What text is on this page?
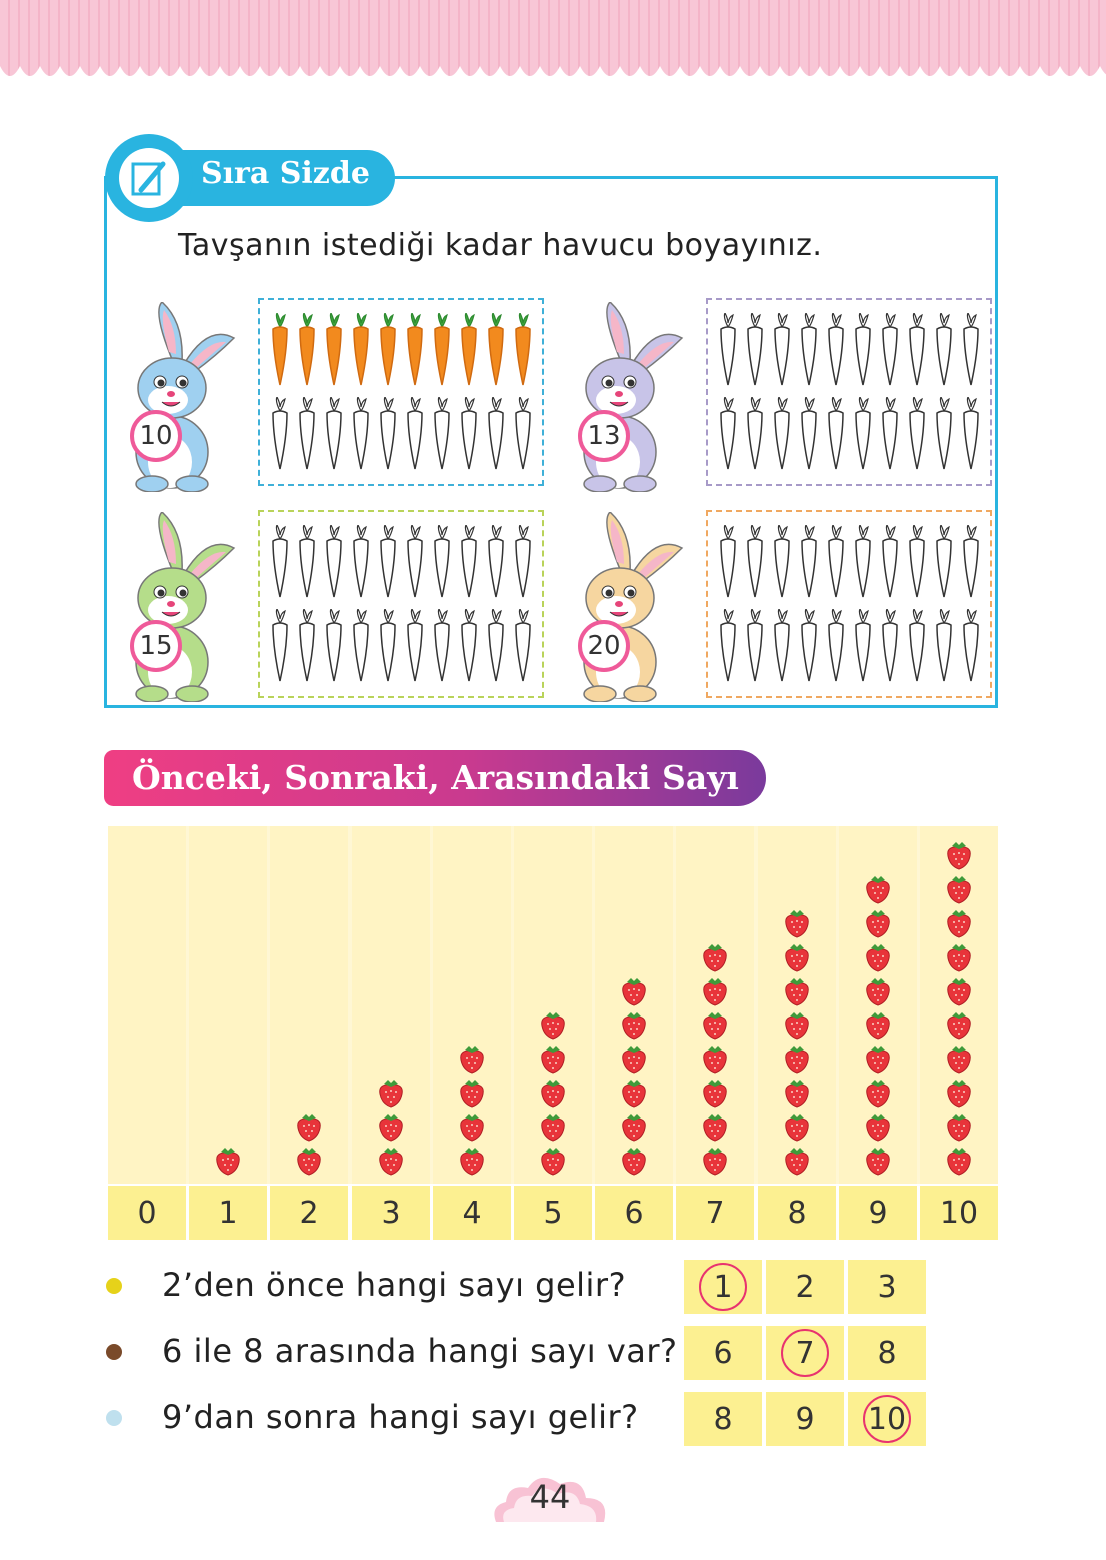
Sıra Sizde
Tavşanın istediği kadar havucu boyayınız.
10	13
15	20
Önceki, Sonraki, Arasındaki Sayı
0	1	2	3	4	5	6	7	8	9	10
2’den önce hangi sayı gelir?	1	2 3
6 ile 8 arasında hangi sayı var? 6	7	8
9’dan sonra hangi sayı gelir? 8 9 10
44
